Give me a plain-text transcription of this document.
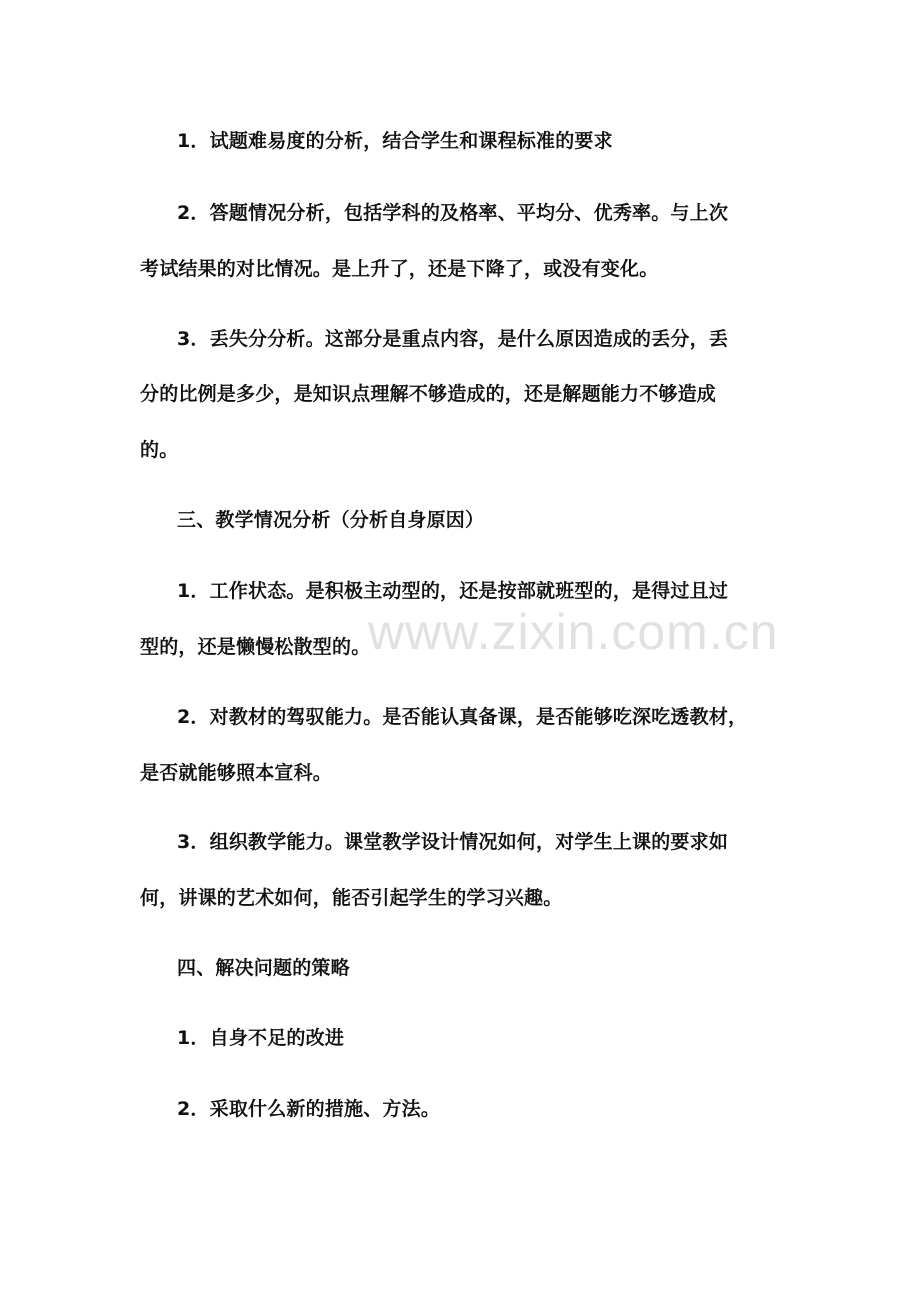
1．试题难易度的分析，结合学生和课程标准的要求
2．答题情况分析，包括学科的及格率、平均分、优秀率。与上次
考试结果的对比情况。是上升了，还是下降了，或没有变化。
3．丢失分分析。这部分是重点内容，是什么原因造成的丢分，丢
分的比例是多少，是知识点理解不够造成的，还是解题能力不够造成
的。
三、教学情况分析（分析自身原因）
1．工作状态。是积极主动型的，还是按部就班型的，是得过且过
型的，还是懒慢松散型的。
2．对教材的驾驭能力。是否能认真备课，是否能够吃深吃透教材，
是否就能够照本宣科。
3．组织教学能力。课堂教学设计情况如何，对学生上课的要求如
何，讲课的艺术如何，能否引起学生的学习兴趣。
四、解决问题的策略
1．自身不足的改进
2．采取什么新的措施、方法。
www.zixin.com.cn
